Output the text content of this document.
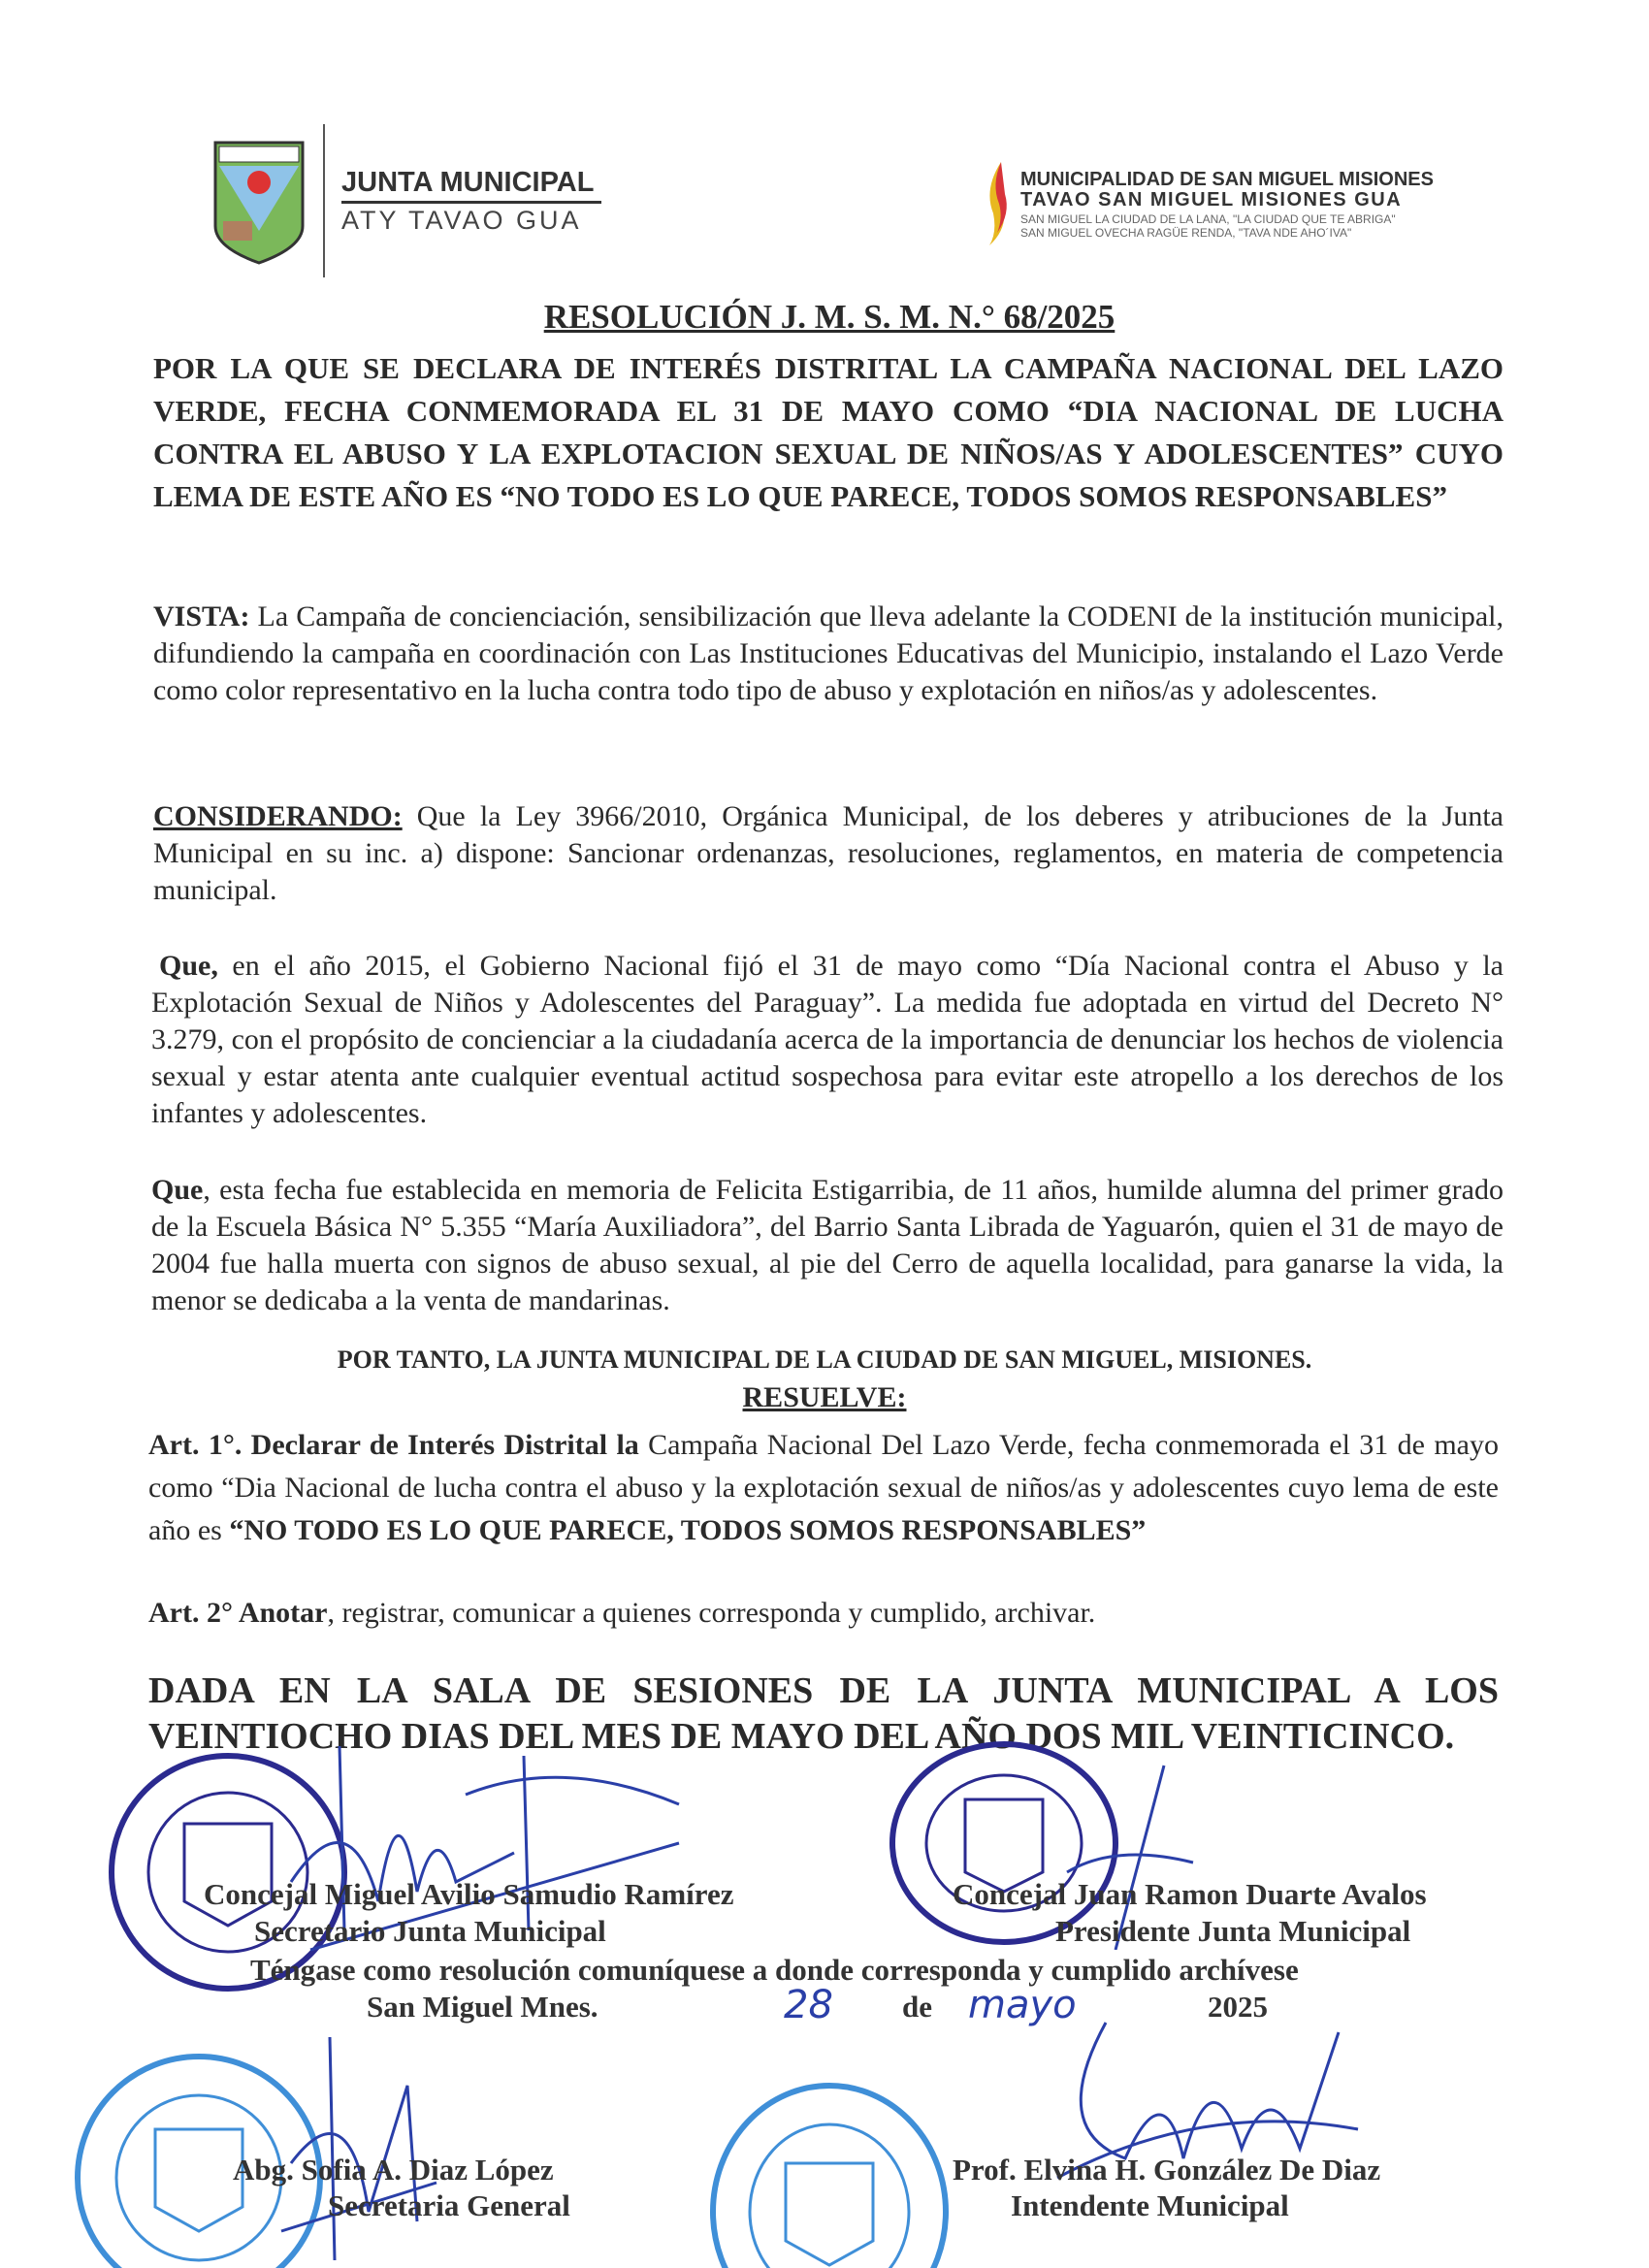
JUNTA MUNICIPAL
ATY TAVAO GUA
MUNICIPALIDAD DE SAN MIGUEL MISIONES
TAVAO SAN MIGUEL MISIONES GUA
SAN MIGUEL LA CIUDAD DE LA LANA, "LA CIUDAD QUE TE ABRIGA"
SAN MIGUEL OVECHA RAGÜE RENDA, "TAVA NDE AHO´IVA"
RESOLUCIÓN J. M. S. M. N.° 68/2025
POR LA QUE SE DECLARA DE INTERÉS DISTRITAL LA CAMPAÑA NACIONAL DEL LAZO VERDE, FECHA CONMEMORADA EL 31 DE MAYO COMO “DIA NACIONAL DE LUCHA CONTRA EL ABUSO Y LA EXPLOTACION SEXUAL DE NIÑOS/AS Y ADOLESCENTES” CUYO LEMA DE ESTE AÑO ES “NO TODO ES LO QUE PARECE, TODOS SOMOS RESPONSABLES”
VISTA: La Campaña de concienciación, sensibilización que lleva adelante la CODENI de la institución municipal, difundiendo la campaña en coordinación con Las Instituciones Educativas del Municipio, instalando el Lazo Verde como color representativo en la lucha contra todo tipo de abuso y explotación en niños/as y adolescentes.
CONSIDERANDO: Que la Ley 3966/2010, Orgánica Municipal, de los deberes y atribuciones de la Junta Municipal en su inc. a) dispone: Sancionar ordenanzas, resoluciones, reglamentos, en materia de competencia municipal.
Que, en el año 2015, el Gobierno Nacional fijó el 31 de mayo como “Día Nacional contra el Abuso y la Explotación Sexual de Niños y Adolescentes del Paraguay”. La medida fue adoptada en virtud del Decreto N° 3.279, con el propósito de concienciar a la ciudadanía acerca de la importancia de denunciar los hechos de violencia sexual y estar atenta ante cualquier eventual actitud sospechosa para evitar este atropello a los derechos de los infantes y adolescentes.
Que, esta fecha fue establecida en memoria de Felicita Estigarribia, de 11 años, humilde alumna del primer grado de la Escuela Básica N° 5.355 “María Auxiliadora”, del Barrio Santa Librada de Yaguarón, quien el 31 de mayo de 2004 fue halla muerta con signos de abuso sexual, al pie del Cerro de aquella localidad, para ganarse la vida, la menor se dedicaba a la venta de mandarinas.
POR TANTO, LA JUNTA MUNICIPAL DE LA CIUDAD DE SAN MIGUEL, MISIONES.
RESUELVE:
Art. 1°. Declarar de Interés Distrital la Campaña Nacional Del Lazo Verde, fecha conmemorada el 31 de mayo como “Dia Nacional de lucha contra el abuso y la explotación sexual de niños/as y adolescentes cuyo lema de este año es “NO TODO ES LO QUE PARECE, TODOS SOMOS RESPONSABLES”
Art. 2° Anotar, registrar, comunicar a quienes corresponda y cumplido, archivar.
DADA EN LA SALA DE SESIONES DE LA JUNTA MUNICIPAL A LOS VEINTIOCHO DIAS DEL MES DE MAYO DEL AÑO DOS MIL VEINTICINCO.
Concejal Miguel Avilio Samudio Ramírez
Secretario Junta Municipal
Concejal Juan Ramon Duarte Avalos
Presidente Junta Municipal
Téngase como resolución comuníquese a donde corresponda y cumplido archívese
San Miguel Mnes.	28 de mayo	2025
Abg. Sofia A. Diaz López
Secretaria General
Prof. Elvina H. González De Diaz
Intendente Municipal
